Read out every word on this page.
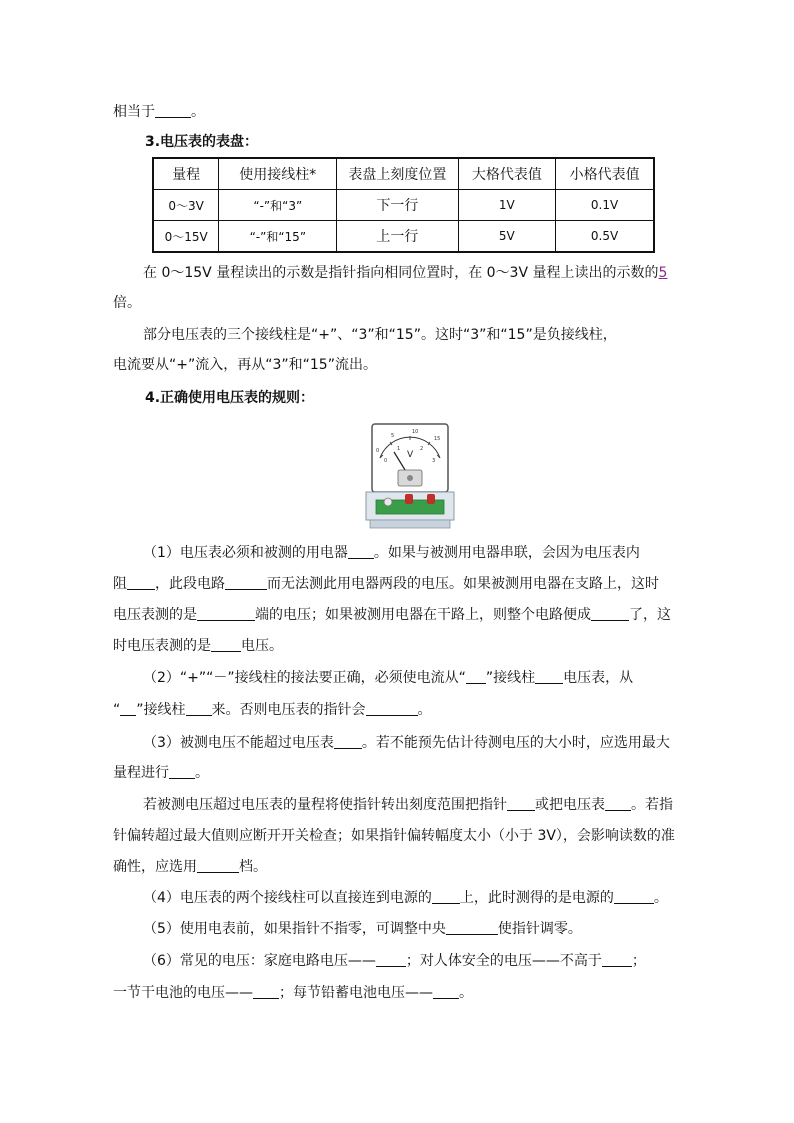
相当于	。
3.电压表的表盘：
量程	使用接线柱*	表盘上刻度位置	大格代表值	小格代表值
0～3V	“-”和“3”	下一行	1V	0.1V
0～15V	“-”和“15”	上一行	5V	0.5V
在 0～15V 量程读出的示数是指针指向相同位置时，在 0～3V 量程上读出的示数的5
倍。
部分电压表的三个接线柱是“+”、“3”和“15”。这时“3”和“15”是负接线柱，
电流要从“+”流入，再从“3”和“15”流出。
4.正确使用电压表的规则：
0
5
10
15
0
1	2
3
V
（1）电压表必须和被测的用电器 。如果与被测用电器串联，会因为电压表内
阻 ，此段电路	而无法测此用电器两段的电压。如果被测用电器在支路上，这时
电压表测的是	端的电压；如果被测用电器在干路上，则整个电路便成	了，这
时电压表测的是 电压。
（2）“+”“－”接线柱的接法要正确，必须使电流从“ ”接线柱 电压表，从
“ ”接线柱 来。否则电压表的指针会	。
（3）被测电压不能超过电压表 。若不能预先估计待测电压的大小时，应选用最大
量程进行 。
若被测电压超过电压表的量程将使指针转出刻度范围把指针 或把电压表 。若指
针偏转超过最大值则应断开开关检查；如果指针偏转幅度太小（小于 3V），会影响读数的准
确性，应选用	档。
（4）电压表的两个接线柱可以直接连到电源的 上，此时测得的是电源的	。
（5）使用电表前，如果指针不指零，可调整中央	使指针调零。
（6）常见的电压：家庭电路电压—— ；对人体安全的电压——不高于 ；
一节干电池的电压—— ；每节铅蓄电池电压—— 。
